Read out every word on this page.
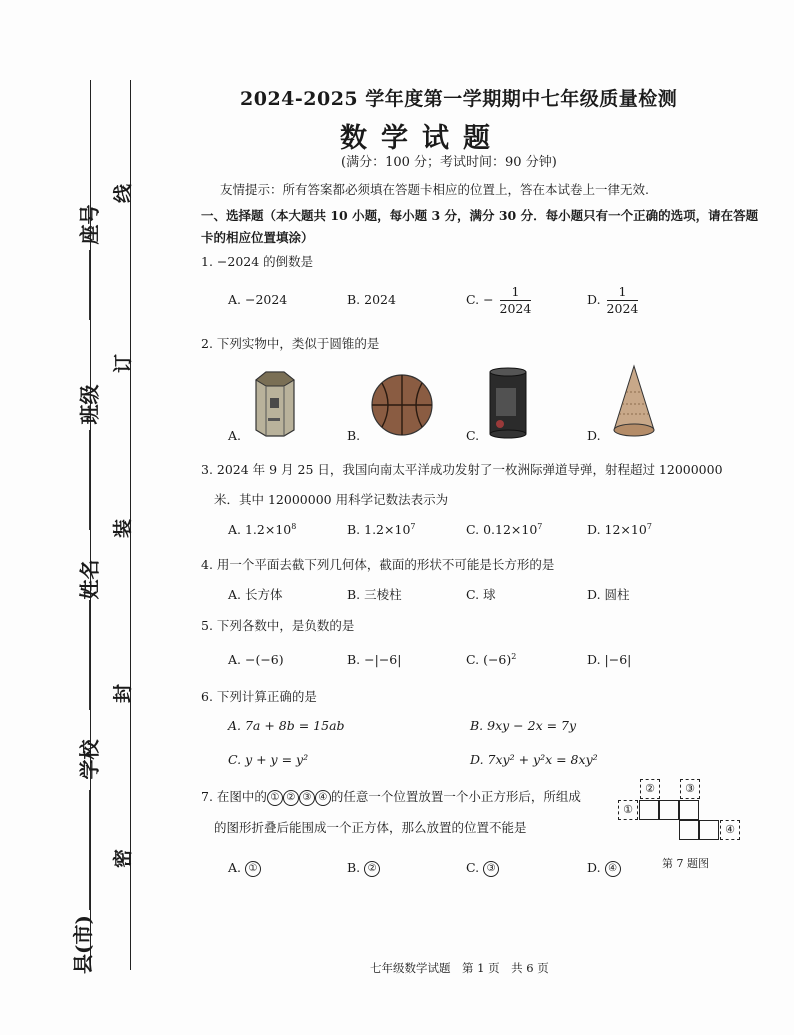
座号
班级
姓名
学校
县(市)
线
订
装
封
密
2024-2025 学年度第一学期期中七年级质量检测
数学试题
(满分：100 分；考试时间：90 分钟)
友情提示：所有答案都必须填在答题卡相应的位置上，答在本试卷上一律无效.
一、选择题（本大题共 10 小题，每小题 3 分，满分 30 分．每小题只有一个正确的选项，请在答题卡的相应位置填涂）
1. −2024 的倒数是
A. −2024	B. 2024	C. − $\frac{1}{2024}$	D. $\frac{1}{2024}$
2. 下列实物中，类似于圆锥的是
A.	B.	C.	D.
3. 2024 年 9 月 25 日，我国向南太平洋成功发射了一枚洲际弹道导弹，射程超过 12000000
米．其中 12000000 用科学记数法表示为
A. $1.2\times 10^8$	B. $1.2\times 10^7$	C. $0.12\times 10^7$	D. $12\times 10^7$
4. 用一个平面去截下列几何体，截面的形状不可能是长方形的是
A. 长方体	B. 三棱柱	C. 球	D. 圆柱
5. 下列各数中，是负数的是
A. −(−6)	B. −|−6|	C. $(-6)^2$	D. |−6|
6. 下列计算正确的是
A. 7a + 8b = 15ab	B. 9xy − 2x = 7y
C. y + y = y²	D. 7xy² + y²x = 8xy²
7. 在图中的 ① ② ③ ④ 的任意一个位置放置一个小正方形后，所组成
的图形折叠后能围成一个正方体，那么放置的位置不能是
A. ①	B. ②	C. ③	D. ④
②	③
①
④
第 7 题图
七年级数学试题　第 1 页　共 6 页
